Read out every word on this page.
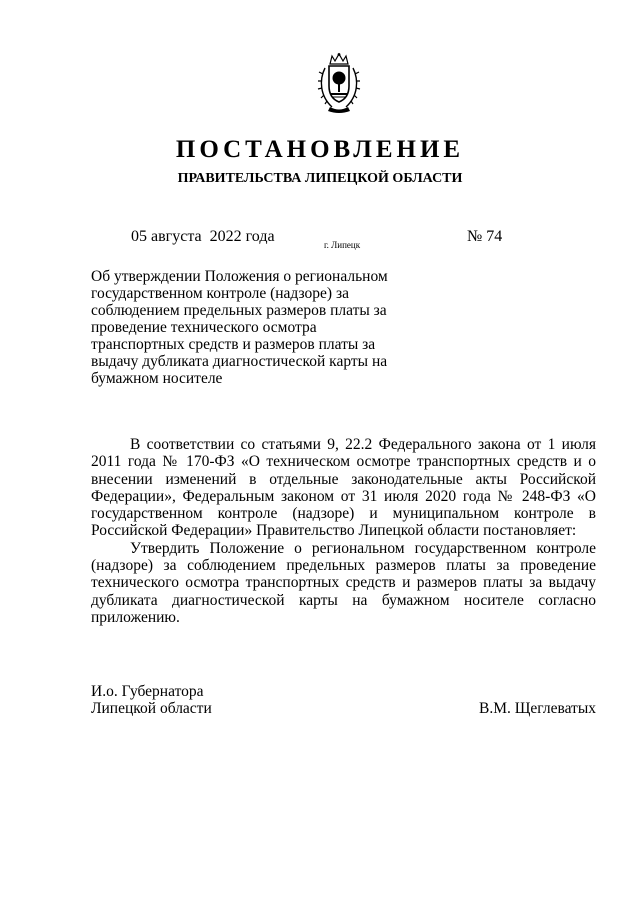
ПОСТАНОВЛЕНИЕ
ПРАВИТЕЛЬСТВА ЛИПЕЦКОЙ ОБЛАСТИ
05 августа  2022 года	г. Липецк	№ 74
Об утверждении Положения о региональном государственном контроле (надзоре) за соблюдением предельных размеров платы за проведение технического осмотра транспортных средств и размеров платы за выдачу дубликата диагностической карты на бумажном носителе

В соответствии со статьями 9, 22.2 Федерального закона от 1 июля 2011 года № 170-ФЗ «О техническом осмотре транспортных средств и о внесении изменений в отдельные законодательные акты Российской Федерации», Федеральным законом от 31 июля 2020 года № 248-ФЗ «О государственном контроле (надзоре) и муниципальном контроле в Российской Федерации» Правительство Липецкой области постановляет:

Утвердить Положение о региональном государственном контроле (надзоре) за соблюдением предельных размеров платы за проведение технического осмотра транспортных средств и размеров платы за выдачу дубликата диагностической карты на бумажном носителе согласно приложению.

И.о. Губернатора
Липецкой области	В.М. Щеглеватых
